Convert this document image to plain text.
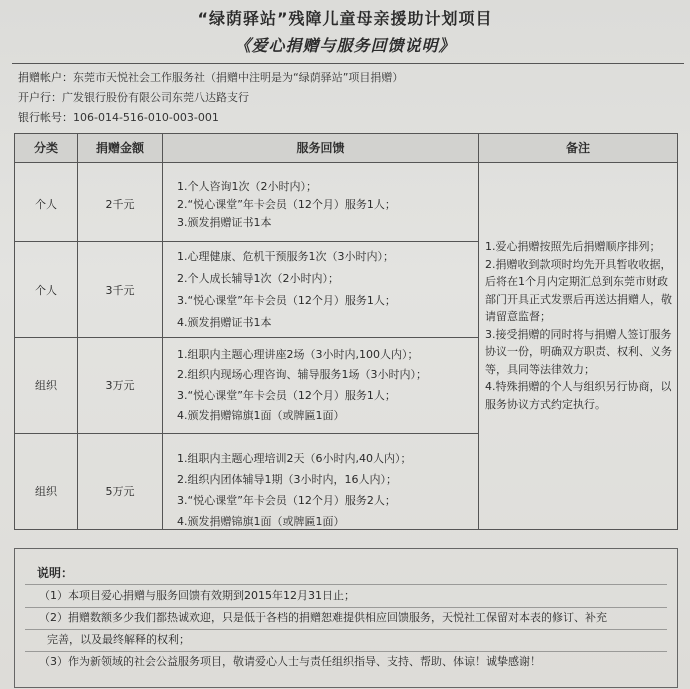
“绿荫驿站”残障儿童母亲援助计划项目
《爱心捐赠与服务回馈说明》
捐赠帐户：东莞市天悦社会工作服务社（捐赠中注明是为“绿荫驿站”项目捐赠）
开户行：广发银行股份有限公司东莞八达路支行
银行帐号：106-014-516-010-003-001
分类	捐赠金额	服务回馈	备注
个人	2千元
1.个人咨询1次（2小时内）；
2.“悦心课堂”年卡会员（12个月）服务1人；
3.颁发捐赠证书1本
个人	3千元
1.心理健康、危机干预服务1次（3小时内）；
2.个人成长辅导1次（2小时内）；
3.“悦心课堂”年卡会员（12个月）服务1人；
4.颁发捐赠证书1本
组织	3万元
1.组职内主题心理讲座2场（3小时内,100人内）；
2.组织内现场心理咨询、辅导服务1场（3小时内）；
3.“悦心课堂”年卡会员（12个月）服务1人；
4.颁发捐赠锦旗1面（或牌匾1面）
组织	5万元
1.组职内主题心理培训2天（6小时内,40人内）；
2.组织内团体辅导1期（3小时内，16人内）；
3.“悦心课堂”年卡会员（12个月）服务2人；
4.颁发捐赠锦旗1面（或牌匾1面）

1.爱心捐赠按照先后捐赠顺序排列；

2.捐赠收到款项时均先开具暂收收据，后将在1个月内定期汇总到东莞市财政部门开具正式发票后再送达捐赠人，敬请留意监督；

3.接受捐赠的同时将与捐赠人签订服务协议一份，明确双方职责、权利、义务等，具同等法律效力；

4.特殊捐赠的个人与组织另行协商，以服务协议方式约定执行。

说明：
（1）本项目爱心捐赠与服务回馈有效期到2015年12月31日止；
（2）捐赠数额多少我们都热诚欢迎，只是低于各档的捐赠恕难提供相应回馈服务，天悦社工保留对本表的修订、补充
完善，以及最终解释的权利；
（3）作为新领域的社会公益服务项目，敬请爱心人士与责任组织指导、支持、帮助、体谅！诚挚感谢！
